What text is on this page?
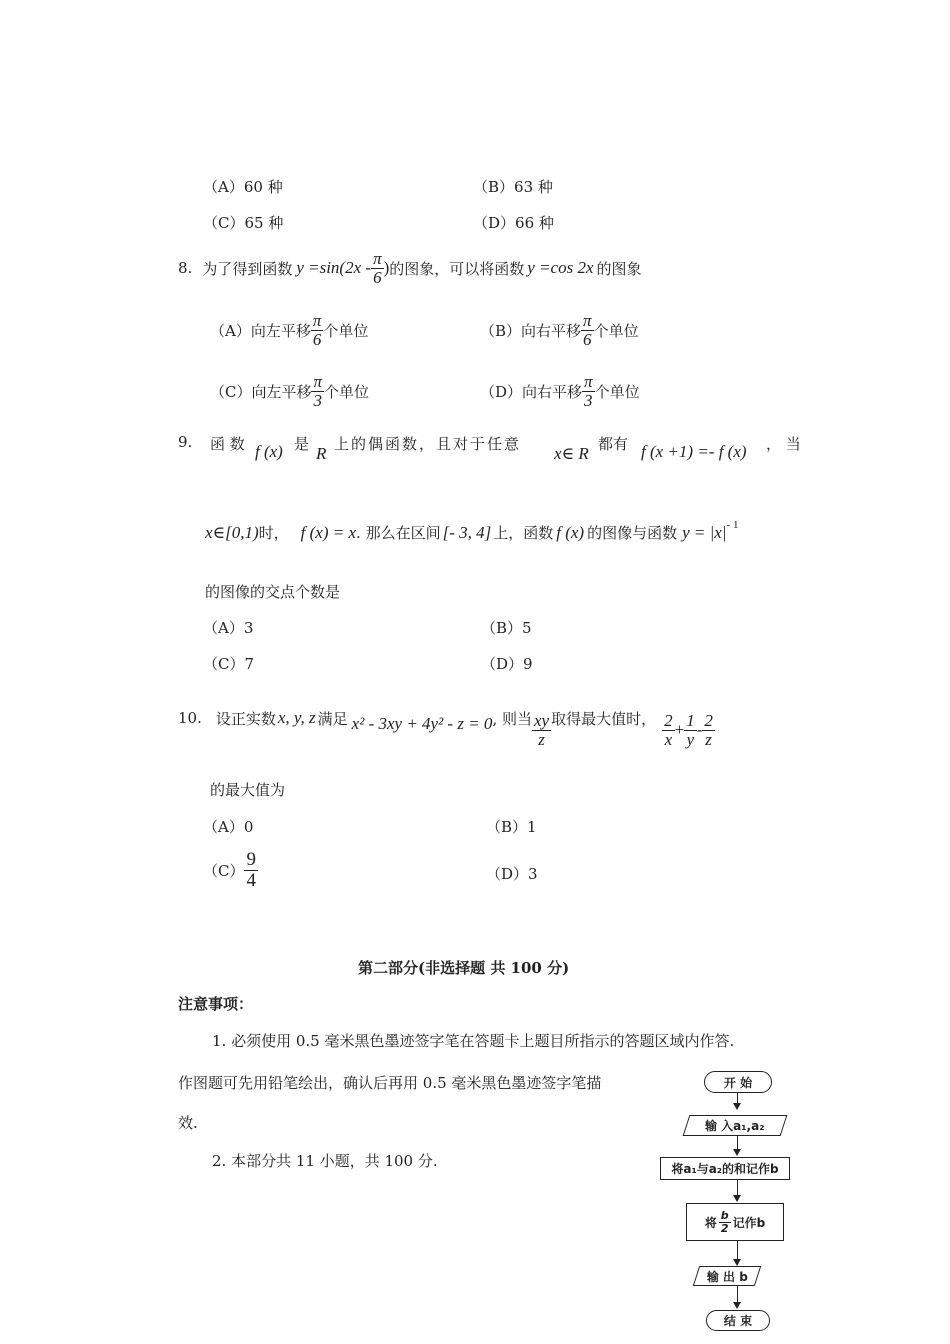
（A）60 种	（B）63 种
（C）65 种	（D）66 种
8. 为了得到函数 $y =\sin(2x - \frac{\pi}{6}$ ) 的图象，可以将函数 y =cos 2x 的图象
（A）向左平移 $\frac{\pi}{6}$ 个单位	（B）向右平移 $\frac{\pi}{6}$ 个单位
（C）向左平移 $\frac{\pi}{3}$ 个单位	（D）向右平移 $\frac{\pi}{3}$ 个单位
9. 函 数 f (x) 是 R 上的偶函数，且对于任意 x∈ R 都有 f (x +1) =- f (x) ， 当
x∈[0,1) 时， f (x) = x . 那么在区间 [- 3, 4] 上，函数 f (x) 的图像与函数 y = |x| - 1
的图像的交点个数是
（A）3	（B）5
（C）7	（D）9
10. 设正实数 x, y, z 满足 x² - 3xy + 4y² - z = 0 , 则当 $\frac{xy}{z}$ 取得最大值时， $\frac{2}{x} + \frac{1}{y} - \frac{2}{z}$
的最大值为
（A）0	（B）1
$(C) \frac{9}{4}$	（D）3
第二部分(非选择题 共 100 分)
注意事项：
1. 必须使用 0.5 毫米黑色墨迹签字笔在答题卡上题目所指示的答题区域内作答.
作图题可先用铅笔绘出，确认后再用 0.5 毫米黑色墨迹签字笔描
效.
2. 本部分共 11 小题，共 100 分.
开 始
输 入a₁,a₂
将a₁与a₂的和记作b
将 $\frac{b}{2}$ 记作b
输 出 b
结 束
